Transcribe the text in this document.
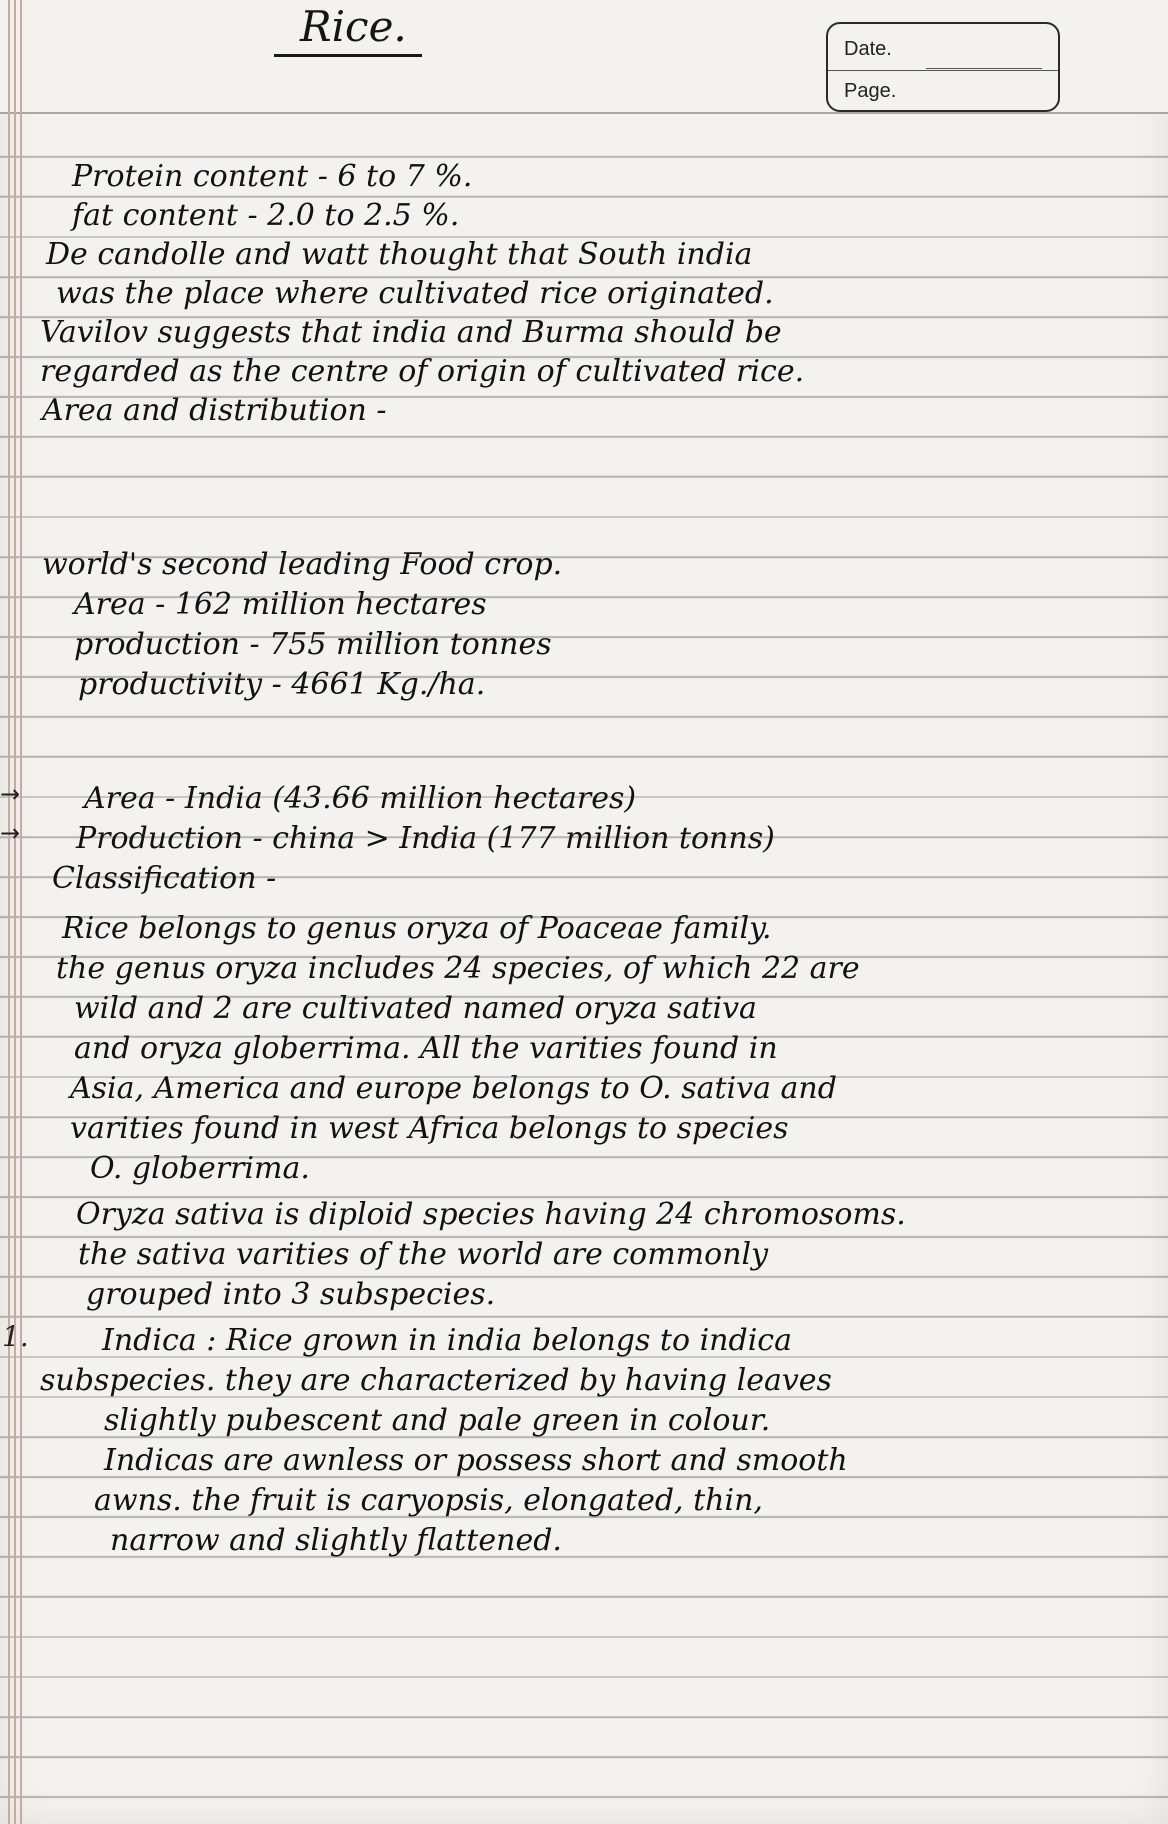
Rice.	Date.
Page.
→
→
1.
Protein content - 6 to 7 %.
fat content - 2.0 to 2.5 %.
De candolle and watt thought that South india
was the place where cultivated rice originated.
Vavilov suggests that india and Burma should be
regarded as the centre of origin of cultivated rice.
Area and distribution -
world's second leading Food crop.
Area - 162 million hectares
production - 755 million tonnes
productivity - 4661 Kg./ha.
Area - India (43.66 million hectares)
Production - china > India (177 million tonns)
Classification -
Rice belongs to genus oryza of Poaceae family.
the genus oryza includes 24 species, of which 22 are
wild and 2 are cultivated named oryza sativa
and oryza globerrima. All the varities found in
Asia, America and europe belongs to O. sativa and
varities found in west Africa belongs to species
O. globerrima.
Oryza sativa is diploid species having 24 chromosoms.
the sativa varities of the world are commonly
grouped into 3 subspecies.
Indica : Rice grown in india belongs to indica
subspecies. they are characterized by having leaves
slightly pubescent and pale green in colour.
Indicas are awnless or possess short and smooth
awns. the fruit is caryopsis, elongated, thin,
narrow and slightly flattened.
